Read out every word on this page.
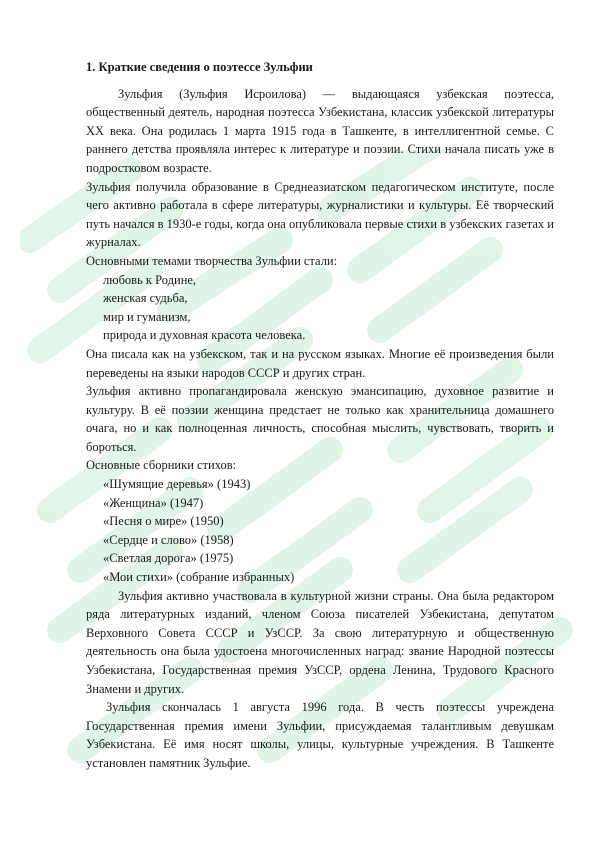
1. Краткие сведения о поэтессе Зульфии

Зульфия (Зульфия Исроилова) — выдающаяся узбекская поэтесса, общественный деятель, народная поэтесса Узбекистана, классик узбекской литературы XX века. Она родилась 1 марта 1915 года в Ташкенте, в интеллигентной семье. С раннего детства проявляла интерес к литературе и поэзии. Стихи начала писать уже в подростковом возрасте.

Зульфия получила образование в Среднеазиатском педагогическом институте, после чего активно работала в сфере литературы, журналистики и культуры. Её творческий путь начался в 1930-е годы, когда она опубликовала первые стихи в узбекских газетах и журналах.

Основными темами творчества Зульфии стали:

любовь к Родине,
женская судьба,
мир и гуманизм,
природа и духовная красота человека.

Она писала как на узбекском, так и на русском языках. Многие её произведения были переведены на языки народов СССР и других стран.

Зульфия активно пропагандировала женскую эмансипацию, духовное развитие и культуру. В её поэзии женщина предстает не только как хранительница домашнего очага, но и как полноценная личность, способная мыслить, чувствовать, творить и бороться.

Основные сборники стихов:

«Шумящие деревья» (1943)
«Женщина» (1947)
«Песня о мире» (1950)
«Сердце и слово» (1958)
«Светлая дорога» (1975)
«Мои стихи» (собрание избранных)

Зульфия активно участвовала в культурной жизни страны. Она была редактором ряда литературных изданий, членом Союза писателей Узбекистана, депутатом Верховного Совета СССР и УзССР. За свою литературную и общественную деятельность она была удостоена многочисленных наград: звание Народной поэтессы Узбекистана, Государственная премия УзССР, ордена Ленина, Трудового Красного Знамени и других.

Зульфия скончалась 1 августа 1996 года. В честь поэтессы учреждена Государственная премия имени Зульфии, присуждаемая талантливым девушкам Узбекистана. Её имя носят школы, улицы, культурные учреждения. В Ташкенте установлен памятник Зульфие.
